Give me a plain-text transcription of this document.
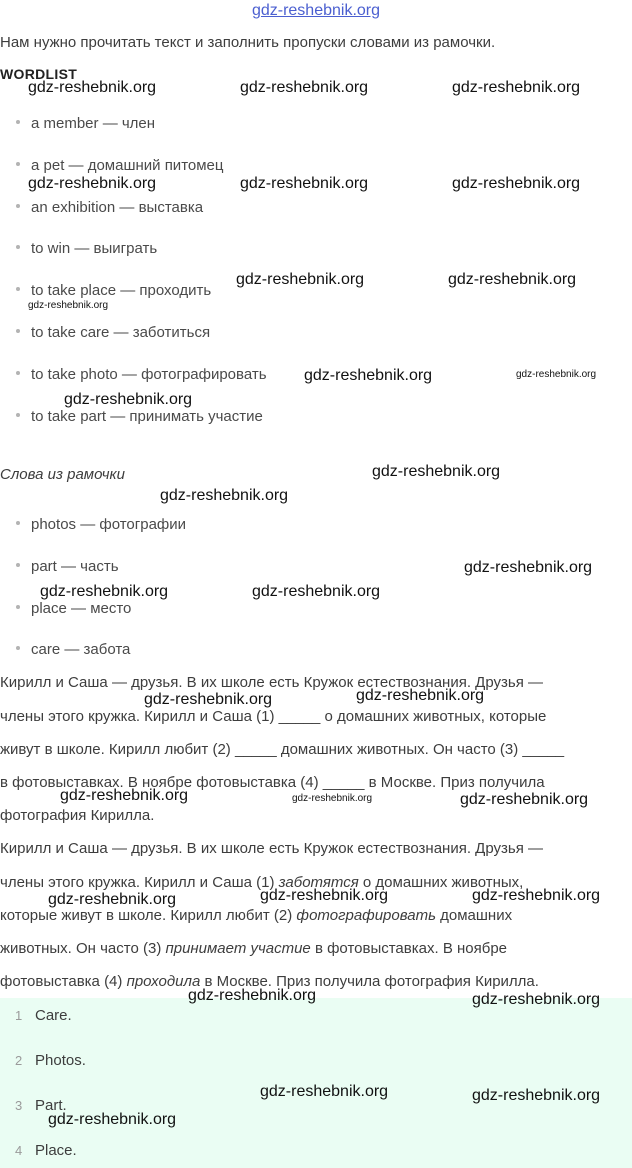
gdz-reshebnik.org
Нам нужно прочитать текст и заполнить пропуски словами из рамочки.
WORDLIST
a member — член
a pet — домашний питомец
an exhibition — выставка
to win — выиграть
to take place — проходить
to take care — заботиться
to take photo — фотографировать
to take part — принимать участие
Слова из рамочки
photos — фотографии
part — часть
place — место
care — забота
Кирилл и Саша — друзья. В их школе есть Кружок естествознания. Друзья —
члены этого кружка. Кирилл и Саша (1) _____ о домашних животных, которые
живут в школе. Кирилл любит (2) _____ домашних животных. Он часто (3) _____
в фотовыставках. В ноябре фотовыставка (4) _____ в Москве. Приз получила
фотография Кирилла.
Кирилл и Саша — друзья. В их школе есть Кружок естествознания. Друзья —
члены этого кружка. Кирилл и Саша (1) заботятся о домашних животных,
которые живут в школе. Кирилл любит (2) фотографировать домашних
животных. Он часто (3) принимает участие в фотовыставках. В ноябре
фотовыставка (4) проходила в Москве. Приз получила фотография Кирилла.
1 Care.
2 Photos.
3 Part.
4 Place.
gdz-reshebnik.org	gdz-reshebnik.org	gdz-reshebnik.org
gdz-reshebnik.org	gdz-reshebnik.org	gdz-reshebnik.org
gdz-reshebnik.org	gdz-reshebnik.org
gdz-reshebnik.org
gdz-reshebnik.org	gdz-reshebnik.org
gdz-reshebnik.org
gdz-reshebnik.org
gdz-reshebnik.org
gdz-reshebnik.org
gdz-reshebnik.org	gdz-reshebnik.org
gdz-reshebnik.org
gdz-reshebnik.org
gdz-reshebnik.org	gdz-reshebnik.org	gdz-reshebnik.org
gdz-reshebnik.org	gdz-reshebnik.org	gdz-reshebnik.org
gdz-reshebnik.org	gdz-reshebnik.org
gdz-reshebnik.org	gdz-reshebnik.org
gdz-reshebnik.org
